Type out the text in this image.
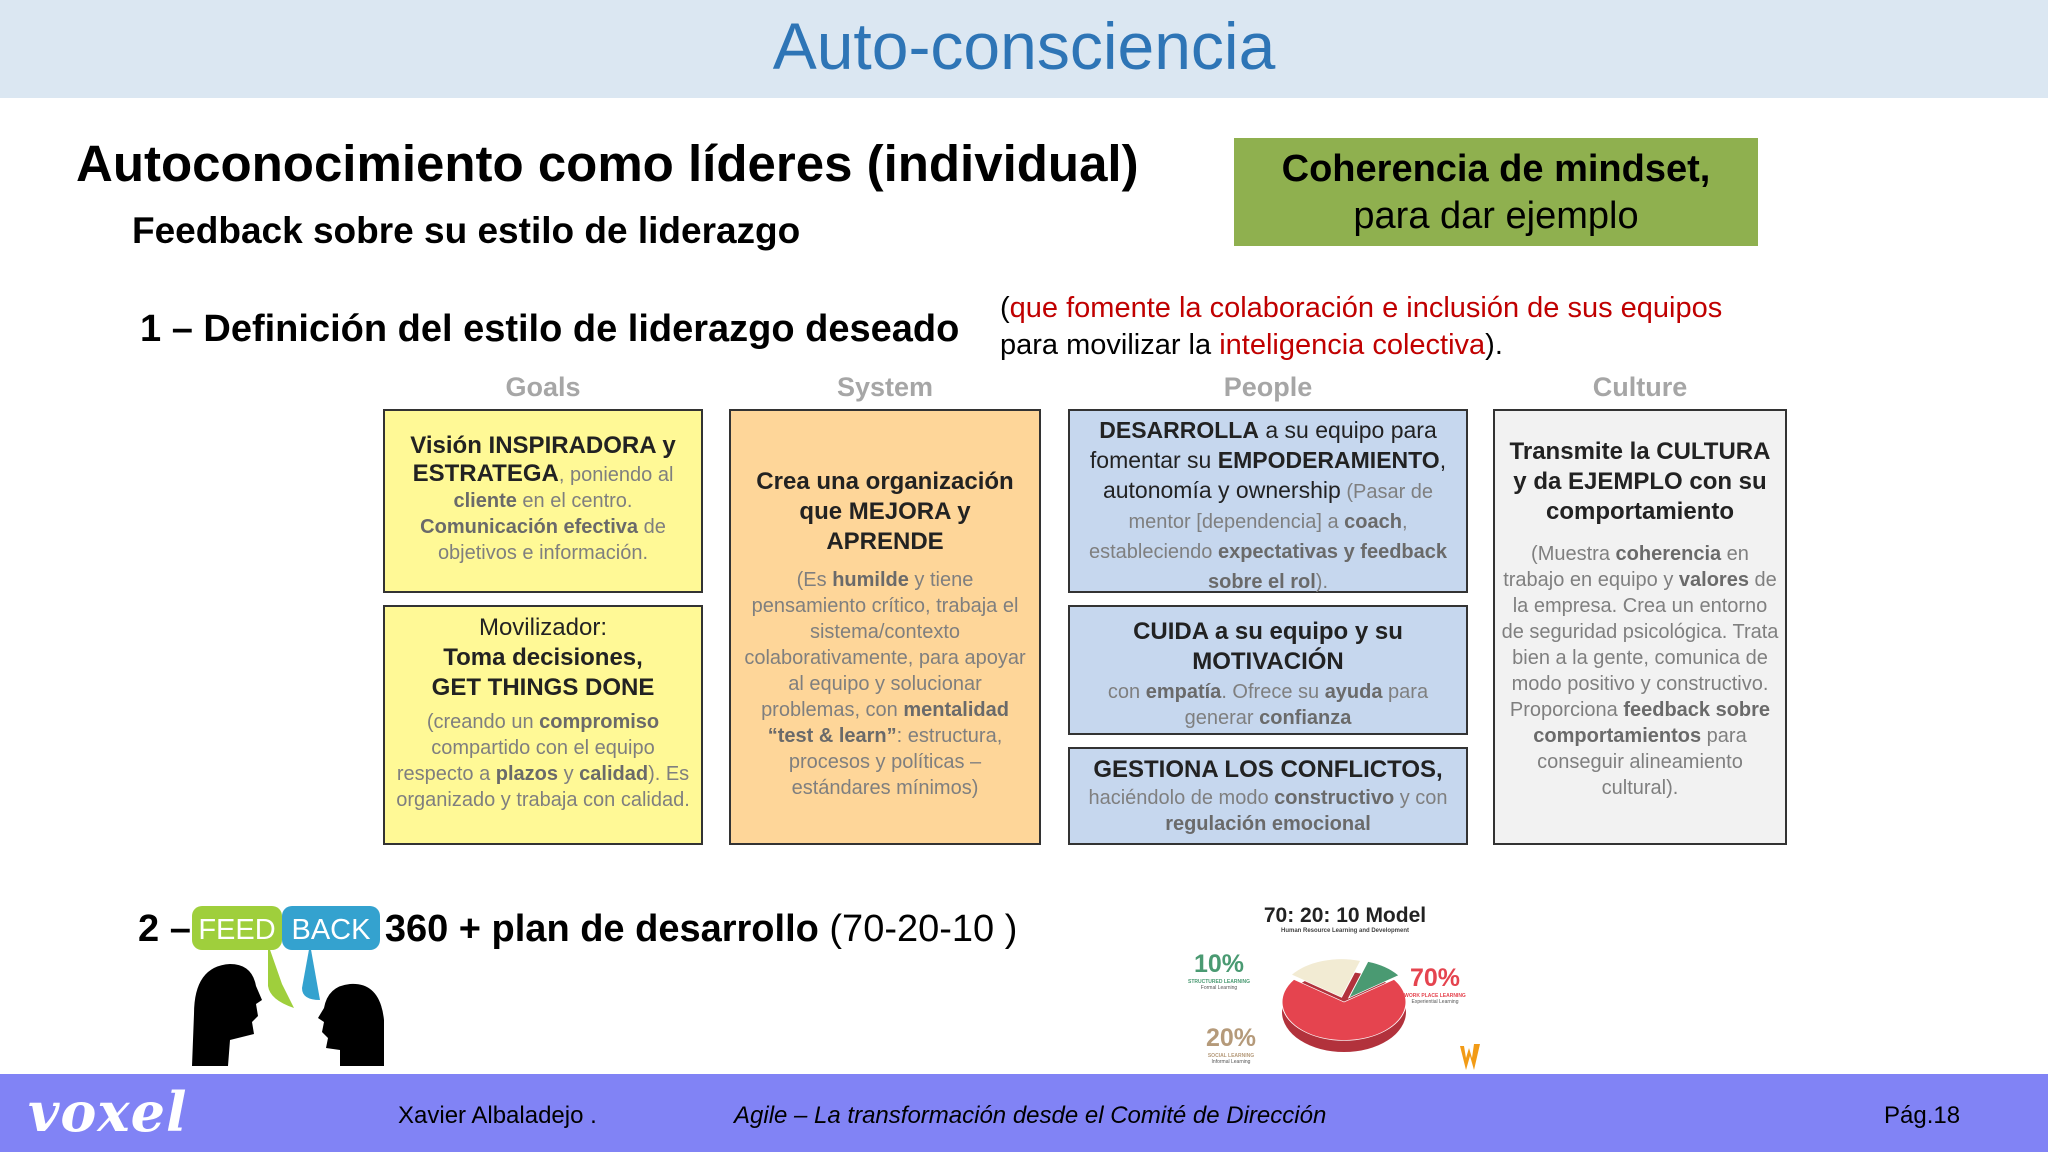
Auto-consciencia
Autoconocimiento como líderes (individual)
Feedback sobre su estilo de liderazgo
Coherencia de mindset,
para dar ejemplo
1 – Definición del estilo de liderazgo deseado (que fomente la colaboración e inclusión de sus equipos
para movilizar la inteligencia colectiva).
Goals	System	People	Culture
Visión INSPIRADORA y
ESTRATEGA, poniendo al cliente en el centro.
Comunicación efectiva de objetivos e información.
Movilizador:
Toma decisiones,
GET THINGS DONE
(creando un compromiso compartido con el equipo respecto a plazos y calidad). Es organizado y trabaja con calidad.
Crea una organización que MEJORA y APRENDE
(Es humilde y tiene pensamiento crítico, trabaja el sistema/contexto colaborativamente, para apoyar al equipo y solucionar problemas, con mentalidad “test & learn”: estructura, procesos y políticas – estándares mínimos)
DESARROLLA a su equipo para fomentar su EMPODERAMIENTO, autonomía y ownership (Pasar de mentor [dependencia] a coach, estableciendo expectativas y feedback sobre el rol).
CUIDA a su equipo y su MOTIVACIÓN
con empatía. Ofrece su ayuda para generar confianza
GESTIONA LOS CONFLICTOS,
haciéndolo de modo constructivo y con regulación emocional
Transmite la CULTURA y da EJEMPLO con su comportamiento
(Muestra coherencia en trabajo en equipo y valores de la empresa. Crea un entorno de seguridad psicológica. Trata bien a la gente, comunica de modo positivo y constructivo. Proporciona feedback sobre comportamientos para conseguir alineamiento cultural).
2 –	360 + plan de desarrollo (70-20-10 )
FEED BACK	70: 20: 10 Model
Human Resource Learning and Development
10%
STRUCTURED LEARNING
Formal Learning	70%
WORK PLACE LEARNING
Experiential Learning
20%
SOCIAL LEARNING
Informal Learning
voxel	Xavier Albaladejo .	Agile – La transformación desde el Comité de Dirección	Pág.18
